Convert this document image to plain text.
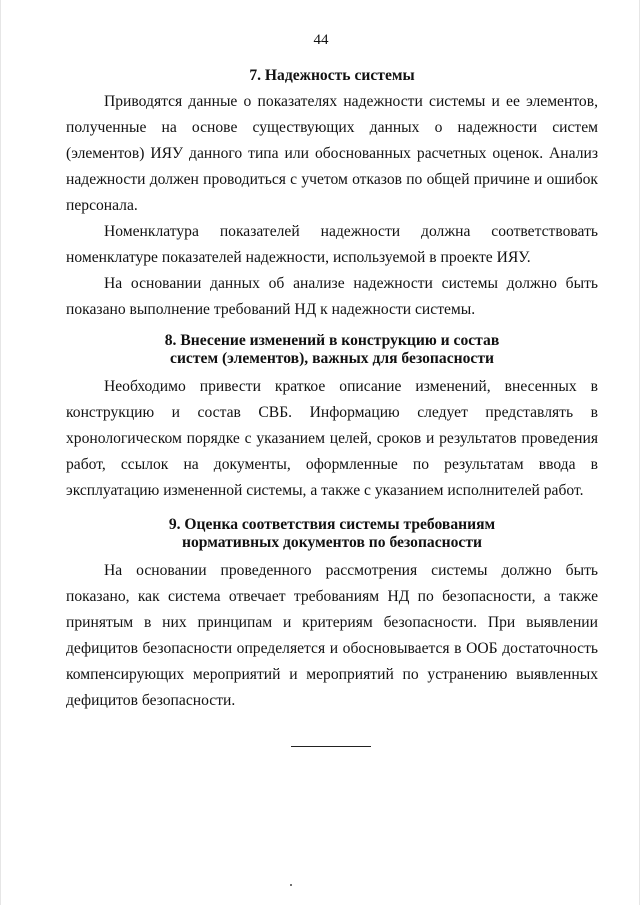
44
7. Надежность системы

Приводятся данные о показателях надежности системы и ее элементов, полученные на основе существующих данных о надежности систем (элементов) ИЯУ данного типа или обоснованных расчетных оценок. Анализ надежности должен проводиться с учетом отказов по общей причине и ошибок персонала.

Номенклатура показателей надежности должна соответствовать номенклатуре показателей надежности, используемой в проекте ИЯУ.

На основании данных об анализе надежности системы должно быть показано выполнение требований НД к надежности системы.

8. Внесение изменений в конструкцию и состав
систем (элементов), важных для безопасности

Необходимо привести краткое описание изменений, внесенных в конструкцию и состав СВБ. Информацию следует представлять в хронологическом порядке с указанием целей, сроков и результатов проведения работ, ссылок на документы, оформленные по результатам ввода в эксплуатацию измененной системы, а также с указанием исполнителей работ.

9. Оценка соответствия системы требованиям
нормативных документов по безопасности

На основании проведенного рассмотрения системы должно быть показано, как система отвечает требованиям НД по безопасности, а также принятым в них принципам и критериям безопасности. При выявлении дефицитов безопасности определяется и обосновывается в ООБ достаточность компенсирующих мероприятий и мероприятий по устранению выявленных дефицитов безопасности.
